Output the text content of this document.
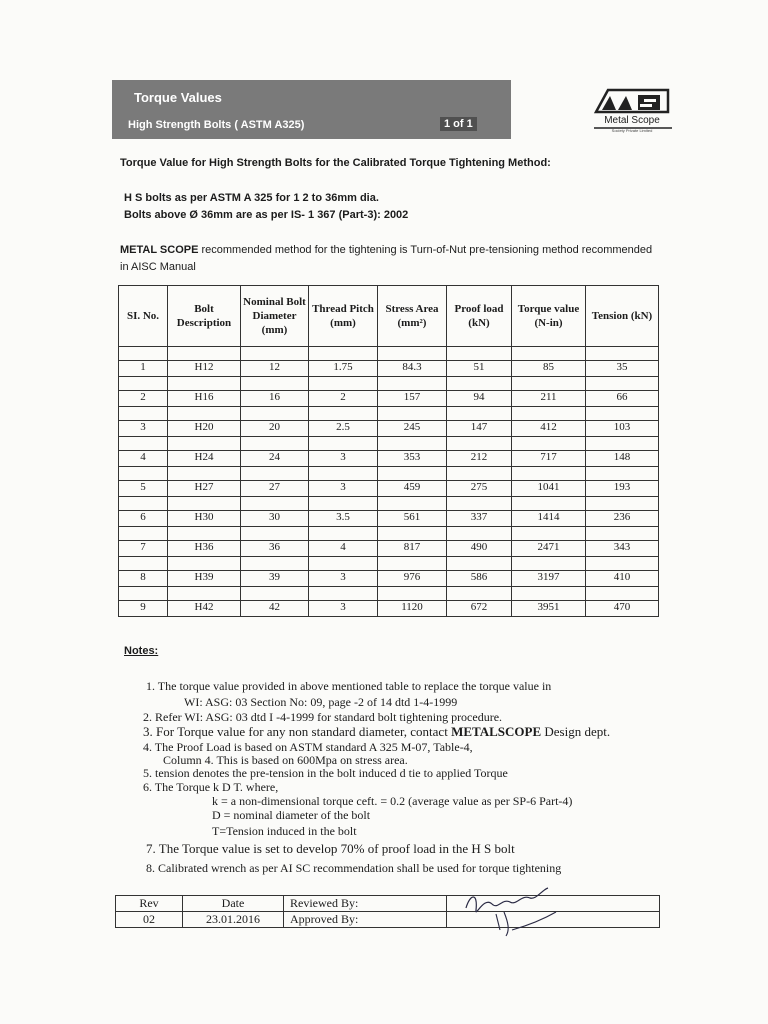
Torque Values
High Strength Bolts ( ASTM A325)	1 of 1	Metal Scope
Society Private Limited
Torque Value for High Strength Bolts for the Calibrated Torque Tightening Method:
H S bolts as per ASTM A 325 for 1 2 to 36mm dia.
Bolts above Ø 36mm are as per IS- 1 367 (Part-3): 2002
METAL SCOPE recommended method for the tightening is Turn-of-Nut pre-tensioning method recommended
in AISC Manual
SI. No.	Bolt Description	Nominal Bolt Diameter (mm)	Thread Pitch (mm)	Stress Area (mm²)	Proof load (kN)	Torque value (N-in)	Tension (kN)

1	H12	12	1.75	84.3	51	85	35

2	H16	16	2	157	94	211	66

3	H20	20	2.5	245	147	412	103

4	H24	24	3	353	212	717	148

5	H27	27	3	459	275	1041	193

6	H30	30	3.5	561	337	1414	236

7	H36	36	4	817	490	2471	343

8	H39	39	3	976	586	3197	410

9	H42	42	3	1120	672	3951	470
Notes:
1. The torque value provided in above mentioned table to replace the torque value in
WI: ASG: 03 Section No: 09, page -2 of 14 dtd 1-4-1999
2. Refer WI: ASG: 03 dtd I -4-1999 for standard bolt tightening procedure.
3. For Torque value for any non standard diameter, contact METALSCOPE Design dept.
4. The Proof Load is based on ASTM standard A 325 M-07, Table-4,
Column 4. This is based on 600Mpa on stress area.
5. tension denotes the pre-tension in the bolt induced d tie to applied Torque
6. The Torque k D T. where,
k = a non-dimensional torque ceft. = 0.2 (average value as per SP-6 Part-4)
D = nominal diameter of the bolt
T=Tension induced in the bolt
7. The Torque value is set to develop 70% of proof load in the H S bolt
8. Calibrated wrench as per AI SC recommendation shall be used for torque tightening
Rev	Date	Reviewed By:	
02	23.01.2016	Approved By:	
